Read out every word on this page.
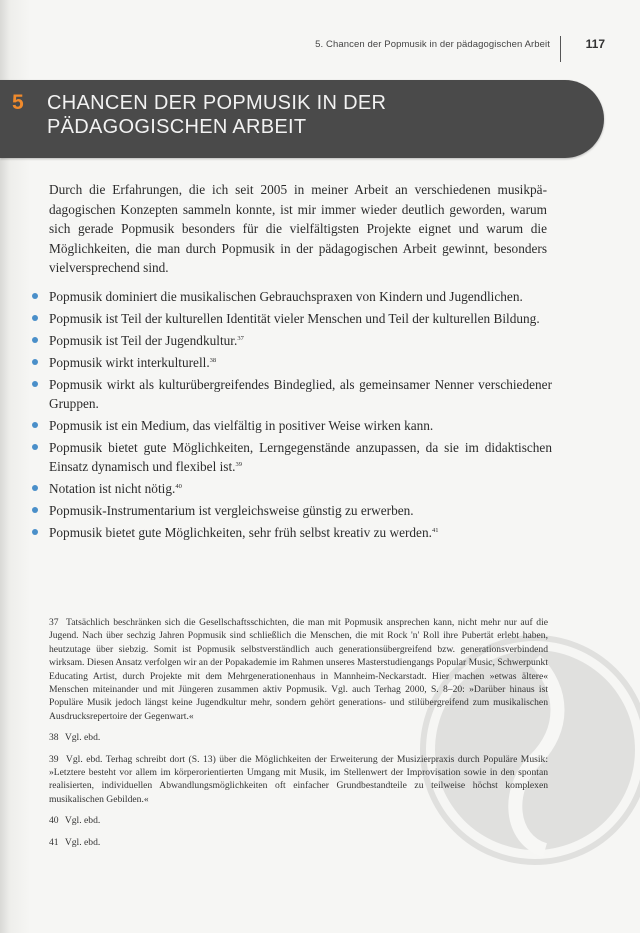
5. Chancen der Popmusik in der pädagogischen Arbeit	117
5 CHANCEN DER POPMUSIK IN DER
PÄDAGOGISCHEN ARBEIT

Durch die Erfahrungen, die ich seit 2005 in meiner Arbeit an verschiedenen musikpädagogischen Konzepten sammeln konnte, ist mir immer wieder deutlich geworden, warum sich gerade Popmusik besonders für die vielfältigsten Projekte eignet und warum die Möglichkeiten, die man durch Popmusik in der pädagogischen Arbeit gewinnt, besonders vielversprechend sind.

Popmusik dominiert die musikalischen Gebrauchspraxen von Kindern und Jugendlichen.
Popmusik ist Teil der kulturellen Identität vieler Menschen und Teil der kulturellen Bildung.
Popmusik ist Teil der Jugendkultur.$^{37}$
Popmusik wirkt interkulturell.$^{38}$
Popmusik wirkt als kulturübergreifendes Bindeglied, als gemeinsamer Nenner verschiedener Gruppen.
Popmusik ist ein Medium, das vielfältig in positiver Weise wirken kann.
Popmusik bietet gute Möglichkeiten, Lerngegenstände anzupassen, da sie im didaktischen Einsatz dynamisch und flexibel ist.$^{39}$
Notation ist nicht nötig.$^{40}$
Popmusik-Instrumentarium ist vergleichsweise günstig zu erwerben.
Popmusik bietet gute Möglichkeiten, sehr früh selbst kreativ zu werden.$^{41}$

37 Tatsächlich beschränken sich die Gesellschaftsschichten, die man mit Popmusik ansprechen kann, nicht mehr nur auf die Jugend. Nach über sechzig Jahren Popmusik sind schließlich die Menschen, die mit Rock 'n' Roll ihre Pubertät erlebt haben, heutzutage über siebzig. Somit ist Popmusik selbstverständlich auch generationsübergreifend bzw. generationsverbindend wirksam. Diesen Ansatz verfolgen wir an der Popakademie im Rahmen unseres Masterstudiengangs Popular Music, Schwerpunkt Educating Artist, durch Projekte mit dem Mehrgenerationenhaus in Mannheim-Neckarstadt. Hier machen »etwas ältere« Menschen miteinander und mit Jüngeren zusammen aktiv Popmusik. Vgl. auch Terhag 2000, S. 8–20: »Darüber hinaus ist Populäre Musik jedoch längst keine Jugendkultur mehr, sondern gehört generations- und stilübergreifend zum musikalischen Ausdrucksrepertoire der Gegenwart.«

38 Vgl. ebd.

39 Vgl. ebd. Terhag schreibt dort (S. 13) über die Möglichkeiten der Erweiterung der Musizierpraxis durch Populäre Musik: »Letztere besteht vor allem im körperorientierten Umgang mit Musik, im Stellenwert der Improvisation sowie in den spontan realisierten, individuellen Abwandlungsmöglichkeiten oft einfacher Grundbestandteile zu teilweise höchst komplexen musikalischen Gebilden.«

40 Vgl. ebd.

41 Vgl. ebd.
